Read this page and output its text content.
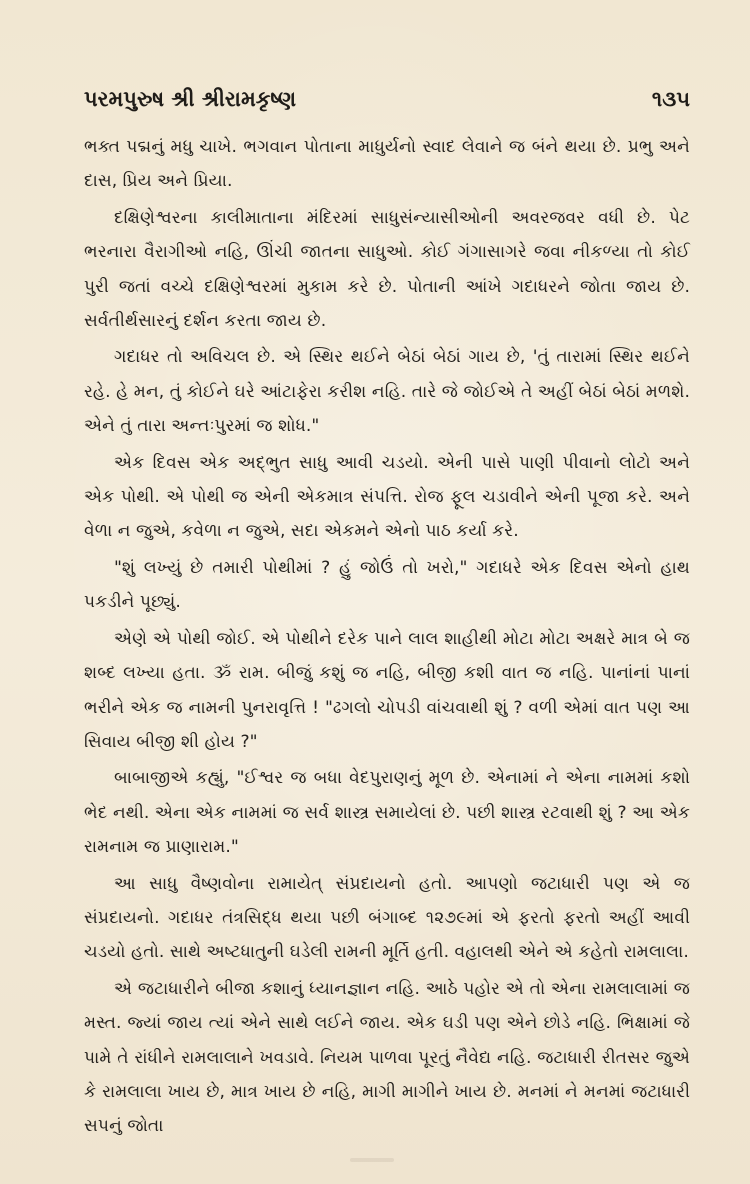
પરમપુરુષ શ્રી શ્રીરામકૃષ્ણ	૧૩૫

ભક્ત પદ્મનું મધુ ચાખે. ભગવાન પોતાના માધુર્યનો સ્વાદ લેવાને જ બંને થયા છે. પ્રભુ અને દાસ, પ્રિય અને પ્રિયા.

દક્ષિણેશ્વરના કાલીમાતાના મંદિરમાં સાધુસંન્યાસીઓની અવરજવર વધી છે. પેટ ભરનારા વૈરાગીઓ નહિ, ઊંચી જાતના સાધુઓ. કોઈ ગંગાસાગરે જવા નીકળ્યા તો કોઈ પુરી જતાં વચ્ચે દક્ષિણેશ્વરમાં મુકામ કરે છે. પોતાની આંખે ગદાધરને જોતા જાય છે. સર્વતીર્થસારનું દર્શન કરતા જાય છે.

ગદાધર તો અવિચલ છે. એ સ્થિર થઈને બેઠાં બેઠાં ગાય છે, 'તું તારામાં સ્થિર થઈને રહે. હે મન, તું કોઈને ઘરે આંટાફેરા કરીશ નહિ. તારે જે જોઈએ તે અહીં બેઠાં બેઠાં મળશે. એને તું તારા અન્તઃપુરમાં જ શોધ."

એક દિવસ એક અદ્ભુત સાધુ આવી ચડયો. એની પાસે પાણી પીવાનો લોટો અને એક પોથી. એ પોથી જ એની એકમાત્ર સંપત્તિ. રોજ ફૂલ ચડાવીને એની પૂજા કરે. અને વેળા ન જુએ, કવેળા ન જુએ, સદા એકમને એનો પાઠ કર્યા કરે.

"શું લખ્યું છે તમારી પોથીમાં ? હું જોઉં તો ખરો," ગદાધરે એક દિવસ એનો હાથ પકડીને પૂછ્યું.

એણે એ પોથી જોઈ. એ પોથીને દરેક પાને લાલ શાહીથી મોટા મોટા અક્ષરે માત્ર બે જ શબ્દ લખ્યા હતા. ૐ રામ. બીજું કશું જ નહિ, બીજી કશી વાત જ નહિ. પાનાંનાં પાનાં ભરીને એક જ નામની પુનરાવૃત્તિ ! "ઢગલો ચોપડી વાંચવાથી શું ? વળી એમાં વાત પણ આ સિવાય બીજી શી હોય ?"

બાબાજીએ કહ્યું, "ઈશ્વર જ બધા વેદપુરાણનું મૂળ છે. એનામાં ને એના નામમાં કશો ભેદ નથી. એના એક નામમાં જ સર્વ શાસ્ત્ર સમાયેલાં છે. પછી શાસ્ત્ર રટવાથી શું ? આ એક રામનામ જ પ્રાણારામ."

આ સાધુ વૈષ્ણવોના રામાયેત્ સંપ્રદાયનો હતો. આપણો જટાધારી પણ એ જ સંપ્રદાયનો. ગદાધર તંત્રસિદ્ધ થયા પછી બંગાબ્દ ૧૨૭૯માં એ ફરતો ફરતો અહીં આવી ચડયો હતો. સાથે અષ્ટધાતુની ઘડેલી રામની મૂર્તિ હતી. વહાલથી એને એ કહેતો રામલાલા.

એ જટાધારીને બીજા કશાનું ધ્યાનજ્ઞાન નહિ. આઠે પહોર એ તો એના રામલાલામાં જ મસ્ત. જ્યાં જાય ત્યાં એને સાથે લઈને જાય. એક ઘડી પણ એને છોડે નહિ. ભિક્ષામાં જે પામે તે રાંધીને રામલાલાને ખવડાવે. નિયમ પાળવા પૂરતું નૈવેદ્ય નહિ. જટાધારી રીતસર જુએ કે રામલાલા ખાય છે, માત્ર ખાય છે નહિ, માગી માગીને ખાય છે. મનમાં ને મનમાં જટાધારી સપનું જોતા
